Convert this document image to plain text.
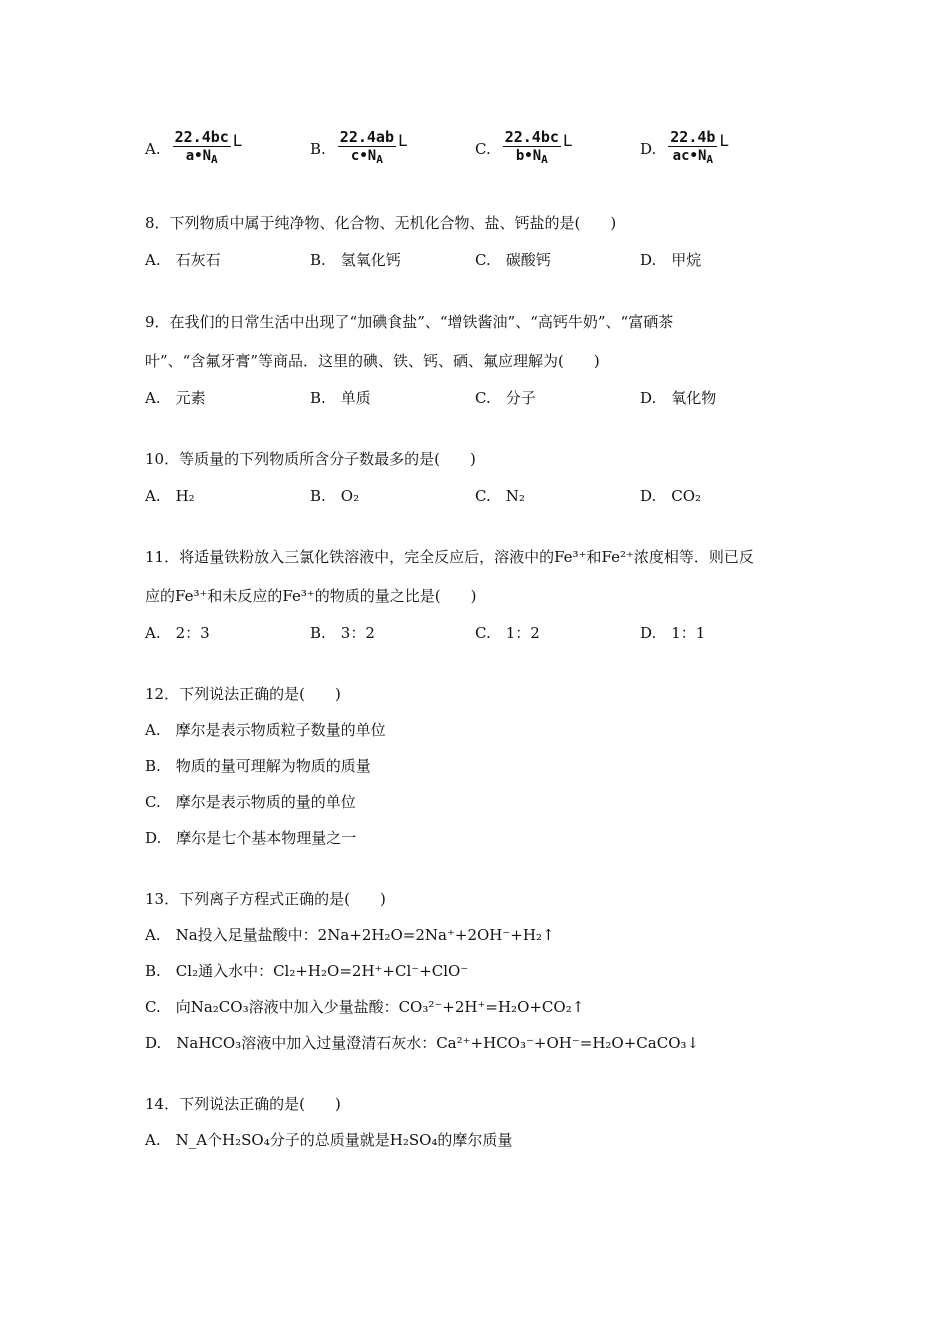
A. $\frac{22.4bc}{a•N_A}$ L	B. $\frac{22.4ab}{c•N_A}$ L	C. $\frac{22.4bc}{b•N_A}$ L	D. $\frac{22.4b}{ac•N_A}$ L
8．下列物质中属于纯净物、化合物、无机化合物、盐、钙盐的是(　　)
A.　石灰石	B.　氢氧化钙	C.　碳酸钙	D.　甲烷
9．在我们的日常生活中出现了“加碘食盐”、“增铁酱油”、“高钙牛奶”、“富硒茶
叶”、“含氟牙膏”等商品．这里的碘、铁、钙、硒、氟应理解为(　　)
A.　元素	B.　单质	C.　分子	D.　氧化物
10．等质量的下列物质所含分子数最多的是(　　)
A.　H₂	B.　O₂	C.　N₂	D.　CO₂
11．将适量铁粉放入三氯化铁溶液中，完全反应后，溶液中的Fe³⁺和Fe²⁺浓度相等．则已反
应的Fe³⁺和未反应的Fe³⁺的物质的量之比是(　　)
A.　2：3	B.　3：2	C.　1：2	D.　1：1
12．下列说法正确的是(　　)
A.　摩尔是表示物质粒子数量的单位
B.　物质的量可理解为物质的质量
C.　摩尔是表示物质的量的单位
D.　摩尔是七个基本物理量之一
13．下列离子方程式正确的是(　　)
A.　Na投入足量盐酸中：2Na+2H₂O=2Na⁺+2OH⁻+H₂↑
B.　Cl₂通入水中：Cl₂+H₂O=2H⁺+Cl⁻+ClO⁻
C.　向Na₂CO₃溶液中加入少量盐酸：CO₃²⁻+2H⁺=H₂O+CO₂↑
D.　NaHCO₃溶液中加入过量澄清石灰水：Ca²⁺+HCO₃⁻+OH⁻=H₂O+CaCO₃↓
14．下列说法正确的是(　　)
A.　N_A个H₂SO₄分子的总质量就是H₂SO₄的摩尔质量
